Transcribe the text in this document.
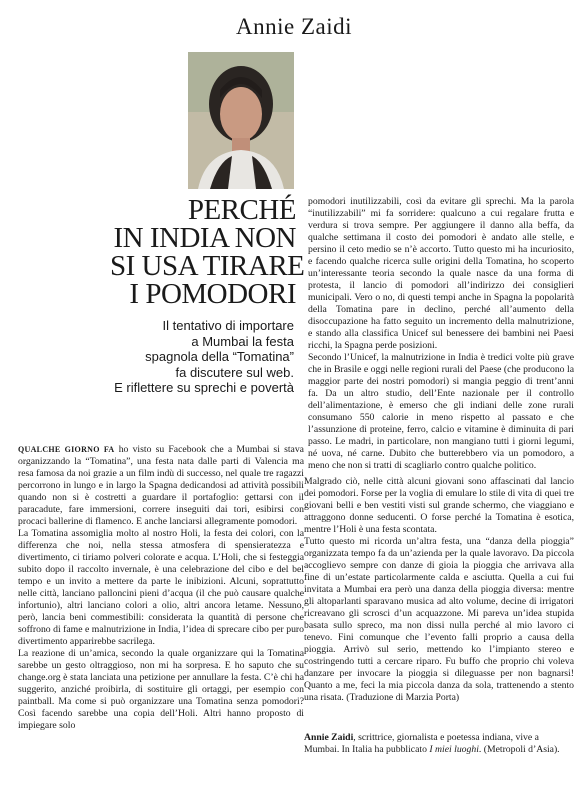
Annie Zaidi
PERCHÉ
IN INDIA NON
SI USA TIRARE
I POMODORI
Il tentativo di importare
a Mumbai la festa
spagnola della “Tomatina”
fa discutere sul web.
E riflettere su sprechi e povertà

QUALCHE GIORNO FA ho visto su Facebook che a Mumbai si stava organizzando la “Tomatina”, una festa nata dalle parti di Valencia ma resa famosa da noi grazie a un film indù di successo, nel quale tre ragazzi percorrono in lungo e in largo la Spagna dedicandosi ad attività possibili quando non si è costretti a guardare il portafoglio: gettarsi con il paracadute, fare immersioni, correre inseguiti dai tori, esibirsi con procaci ballerine di flamenco. E anche lanciarsi allegramente pomodori.

La Tomatina assomiglia molto al nostro Holi, la festa dei colori, con la differenza che noi, nella stessa atmosfera di spensieratezza e divertimento, ci tiriamo polveri colorate e acqua. L’Holi, che si festeggia subito dopo il raccolto invernale, è una celebrazione del cibo e del bel tempo e un invito a mettere da parte le inibizioni. Alcuni, soprattutto nelle città, lanciano palloncini pieni d’acqua (il che può causare qualche infortunio), altri lanciano colori a olio, altri ancora letame. Nessuno, però, lancia beni commestibili: considerata la quantità di persone che soffrono di fame e malnutrizione in India, l’idea di sprecare cibo per puro divertimento apparirebbe sacrilega.

La reazione di un’amica, secondo la quale organizzare qui la Tomatina sarebbe un gesto oltraggioso, non mi ha sorpresa. E ho saputo che su change.org è stata lanciata una petizione per annullare la festa. C’è chi ha suggerito, anziché proibirla, di sostituire gli ortaggi, per esempio con paintball. Ma come si può organizzare una Tomatina senza pomodori? Così facendo sarebbe una copia dell’Holi. Altri hanno proposto di impiegare solo

pomodori inutilizzabili, così da evitare gli sprechi. Ma la parola “inutilizzabili” mi fa sorridere: qualcuno a cui regalare frutta e verdura si trova sempre. Per aggiungere il danno alla beffa, da qualche settimana il costo dei pomodori è andato alle stelle, e persino il ceto medio se n’è accorto. Tutto questo mi ha incuriosito, e facendo qualche ricerca sulle origini della Tomatina, ho scoperto un’interessante teoria secondo la quale nasce da una forma di protesta, il lancio di pomodori all’indirizzo dei consiglieri municipali. Vero o no, di questi tempi anche in Spagna la popolarità della Tomatina pare in declino, perché all’aumento della disoccupazione ha fatto seguito un incremento della malnutrizione, e stando alla classifica Unicef sul benessere dei bambini nei Paesi ricchi, la Spagna perde posizioni.

Secondo l’Unicef, la malnutrizione in India è tredici volte più grave che in Brasile e oggi nelle regioni rurali del Paese (che producono la maggior parte dei nostri pomodori) si mangia peggio di trent’anni fa. Da un altro studio, dell’Ente nazionale per il controllo dell’alimentazione, è emerso che gli indiani delle zone rurali consumano 550 calorie in meno rispetto al passato e che l’assunzione di proteine, ferro, calcio e vitamine è diminuita di pari passo. Le madri, in particolare, non mangiano tutti i giorni legumi, né uova, né carne. Dubito che butterebbero via un pomodoro, a meno che non si tratti di scagliarlo contro qualche politico.

Malgrado ciò, nelle città alcuni giovani sono affascinati dal lancio dei pomodori. Forse per la voglia di emulare lo stile di vita di quei tre giovani belli e ben vestiti visti sul grande schermo, che viaggiano e attraggono donne seducenti. O forse perché la Tomatina è esotica, mentre l’Holi è una festa scontata.

Tutto questo mi ricorda un’altra festa, una “danza della pioggia” organizzata tempo fa da un’azienda per la quale lavoravo. Da piccola accoglievo sempre con danze di gioia la pioggia che arrivava alla fine di un’estate particolarmente calda e asciutta. Quella a cui fui invitata a Mumbai era però una danza della pioggia diversa: mentre gli altoparlanti sparavano musica ad alto volume, decine di irrigatori ricreavano gli scrosci d’un acquazzone. Mi pareva un’idea stupida basata sullo spreco, ma non dissi nulla perché al mio lavoro ci tenevo. Fini comunque che l’evento falli proprio a causa della pioggia. Arrivò sul serio, mettendo ko l’impianto stereo e costringendo tutti a cercare riparo. Fu buffo che proprio chi voleva danzare per invocare la pioggia si dileguasse per non bagnarsi! Quanto a me, feci la mia piccola danza da sola, trattenendo a stento una risata. (Traduzione di Marzia Porta)

Annie Zaidi, scrittrice, giornalista e poetessa indiana, vive a Mumbai. In Italia ha pubblicato I miei luoghi. (Metropoli d’Asia).
